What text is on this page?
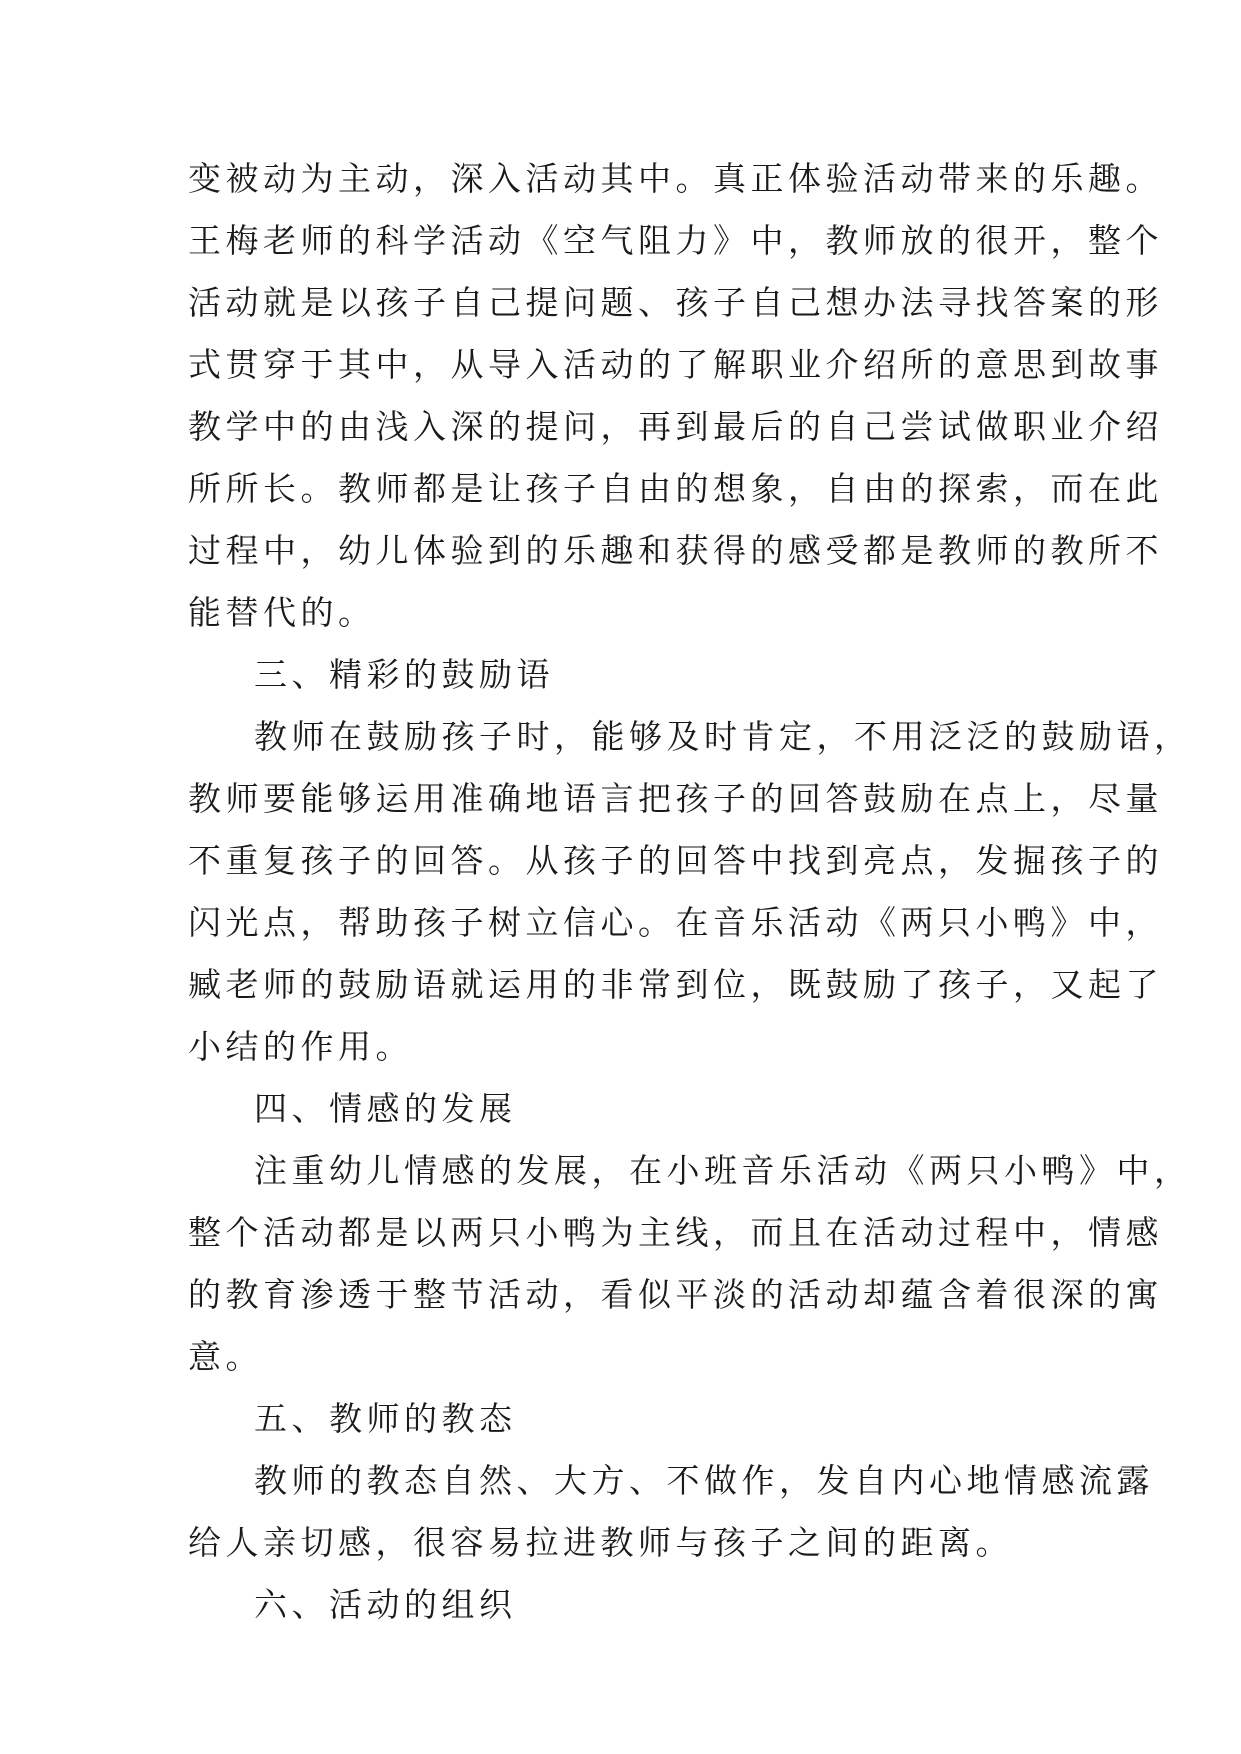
变被动为主动，深入活动其中。真正体验活动带来的乐趣。
王梅老师的科学活动《空气阻力》中，教师放的很开，整个
活动就是以孩子自己提问题、孩子自己想办法寻找答案的形
式贯穿于其中，从导入活动的了解职业介绍所的意思到故事
教学中的由浅入深的提问，再到最后的自己尝试做职业介绍
所所长。教师都是让孩子自由的想象，自由的探索，而在此
过程中，幼儿体验到的乐趣和获得的感受都是教师的教所不
能替代的。
三、精彩的鼓励语
教师在鼓励孩子时，能够及时肯定，不用泛泛的鼓励语，
教师要能够运用准确地语言把孩子的回答鼓励在点上，尽量
不重复孩子的回答。从孩子的回答中找到亮点，发掘孩子的
闪光点，帮助孩子树立信心。在音乐活动《两只小鸭》中，
臧老师的鼓励语就运用的非常到位，既鼓励了孩子，又起了
小结的作用。
四、情感的发展
注重幼儿情感的发展，在小班音乐活动《两只小鸭》中，
整个活动都是以两只小鸭为主线，而且在活动过程中，情感
的教育渗透于整节活动，看似平淡的活动却蕴含着很深的寓
意。
五、教师的教态
教师的教态自然、大方、不做作，发自内心地情感流露
给人亲切感，很容易拉进教师与孩子之间的距离。
六、活动的组织
